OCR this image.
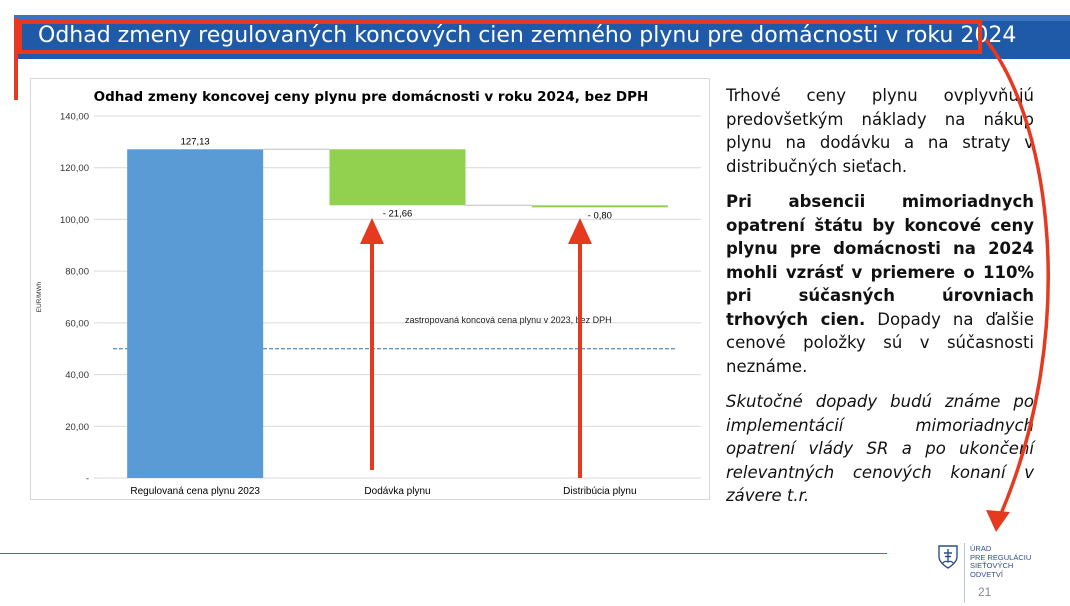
Odhad zmeny regulovaných koncových cien zemného plynu pre domácnosti v roku 2024
Odhad zmeny koncovej ceny plynu pre domácnosti v roku 2024, bez DPH
-
20,00
40,00
60,00
80,00
100,00
120,00
140,00
EUR/MWh
zastropovaná koncová cena plynu v 2023, bez DPH
127,13
Regulovaná cena plynu 2023
- 21,66
Dodávka plynu
- 0,80
Distribúcia plynu

Trhové ceny plynu ovplyvňujú predovšetkým náklady na nákup plynu na dodávku a na straty v distribučných sieťach.

Pri absencii mimoriadnych opatrení štátu by koncové ceny plynu pre domácnosti na 2024 mohli vzrásť v priemere o 110% pri súčasných úrovniach trhových cien. Dopady na ďalšie cenové položky sú v súčasnosti neznáme.

Skutočné dopady budú známe po implementácií mimoriadnych opatrení vlády SR a po ukončení relevantných cenových konaní v závere t.r.

ÚRAD
PRE REGULÁCIU
SIEŤOVÝCH
ODVETVÍ
21
